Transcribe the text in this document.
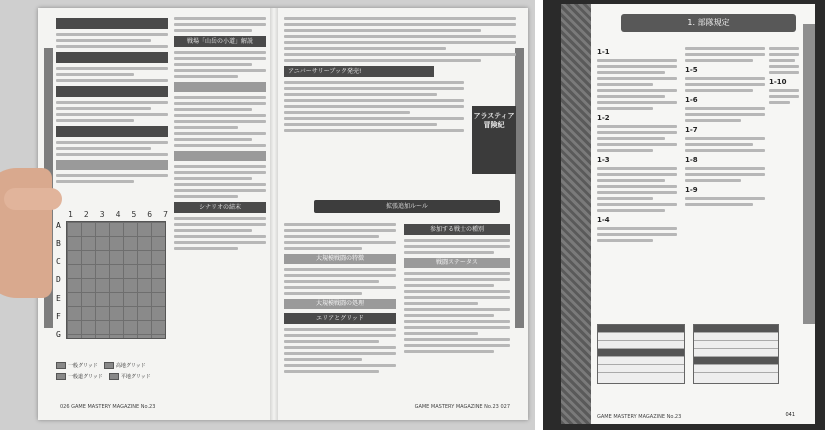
戦場「山岳の小道」解説
シナリオの結末
1 2 3 4 5 6 7
A
B
C
D
E
F
G
一般グリッド	高地グリッド
一般道グリッド	平地グリッド
026 GAME MASTERY MAGAZINE No.23
アニバーサリーブック発売!
アラスティア冒険紀
拡張追加ルール
大規模戦闘の特徴
大規模戦闘の処理
エリアとグリッド
参加する戦士の種別
戦闘ステータス
GAME MASTERY MAGAZINE No.23 027
1. 部隊規定
1-1
1-2
1-3
1-4
1-5
1-6
1-7
1-8
1-9
1-10
GAME MASTERY MAGAZINE No.23	041
